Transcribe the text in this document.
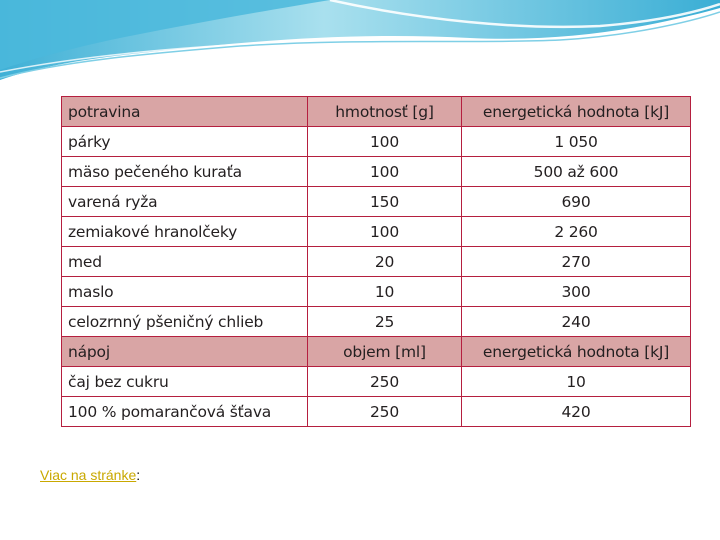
potravina	hmotnosť [g]	energetická hodnota [kJ]
párky	100	1 050
mäso pečeného kuraťa	100	500 až 600
varená ryža	150	690
zemiakové hranolčeky	100	2 260
med	20	270
maslo	10	300
celozrnný pšeničný chlieb	25	240
nápoj	objem [ml]	energetická hodnota [kJ]
čaj bez cukru	250	10
100 % pomarančová šťava	250	420
Viac na stránke:
